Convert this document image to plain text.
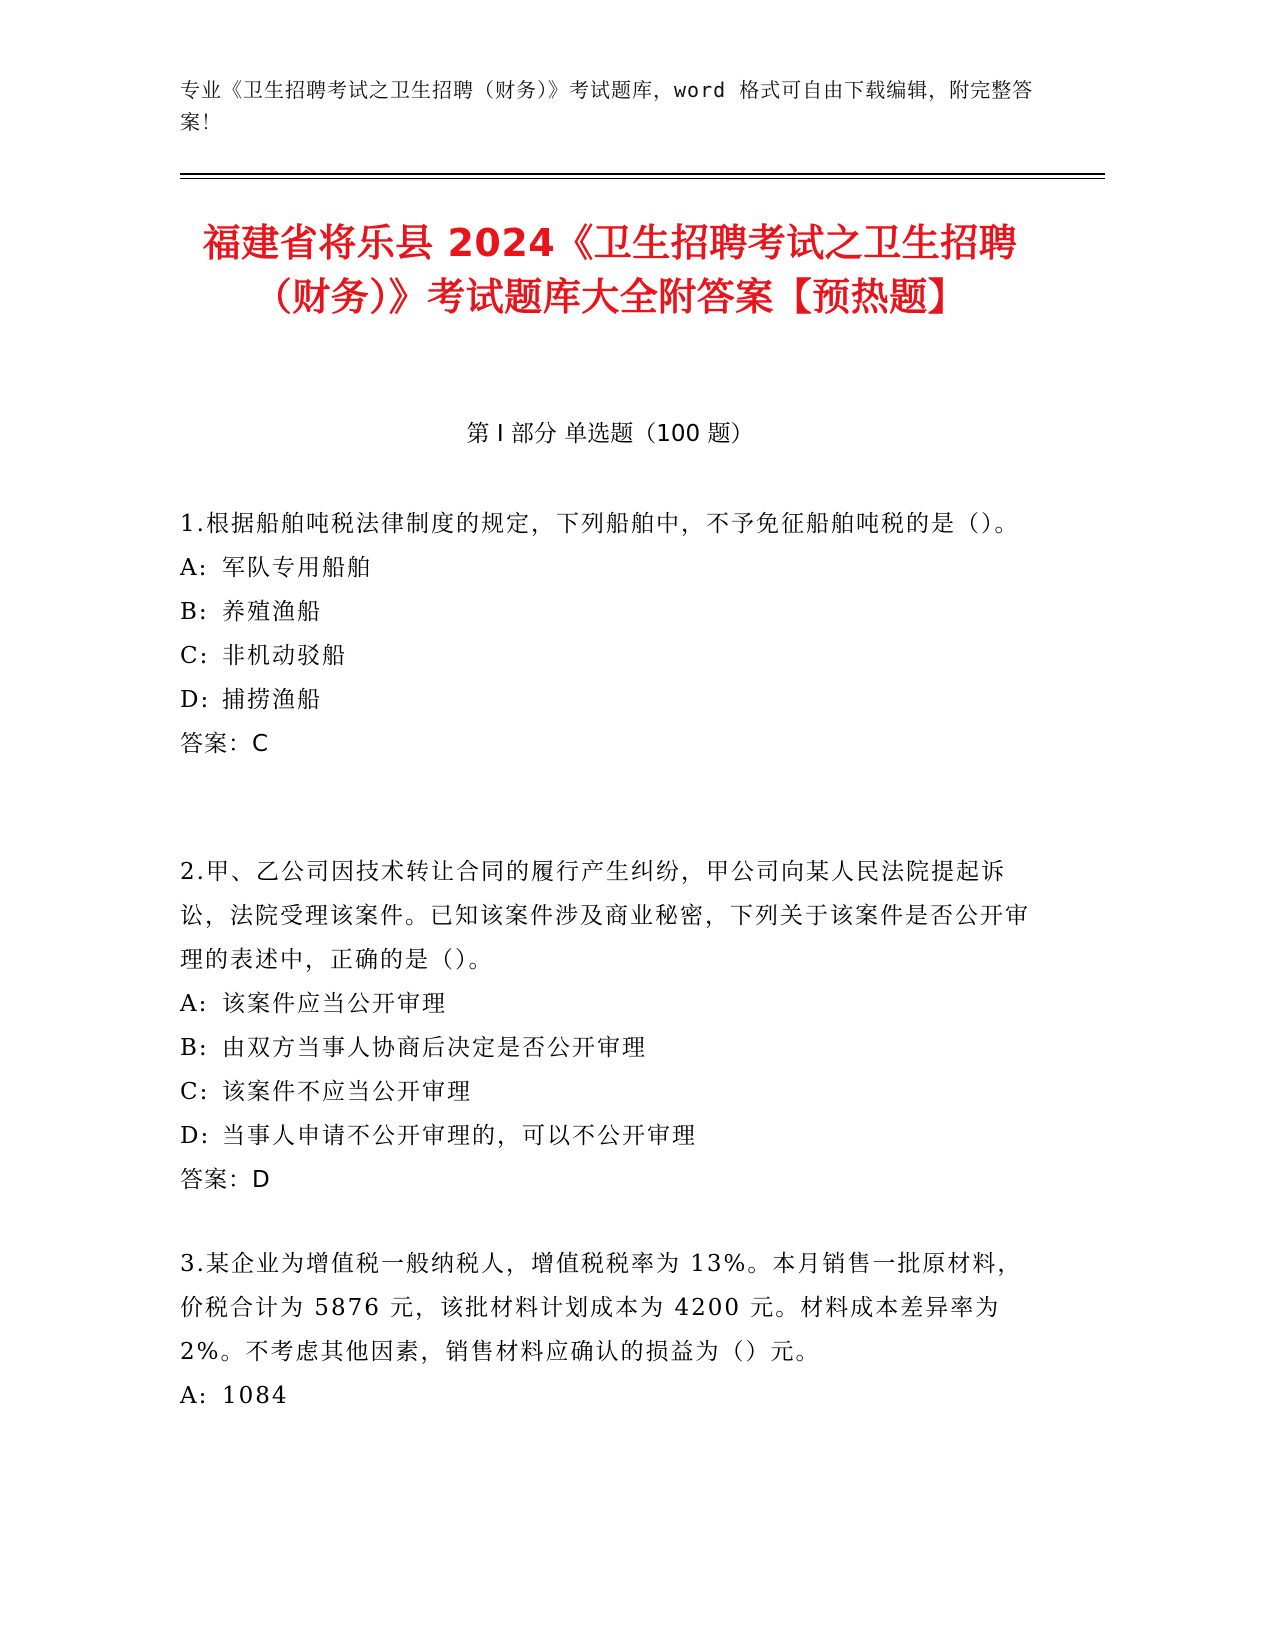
专业《卫生招聘考试之卫生招聘（财务）》考试题库，word 格式可自由下载编辑，附完整答案！
福建省将乐县 2024《卫生招聘考试之卫生招聘（财务）》考试题库大全附答案【预热题】
第 I 部分 单选题（100 题）

1.根据船舶吨税法律制度的规定，下列船舶中，不予免征船舶吨税的是（）。

A: 军队专用船舶
B: 养殖渔船
C: 非机动驳船
D: 捕捞渔船
答案：C

2.甲、乙公司因技术转让合同的履行产生纠纷，甲公司向某人民法院提起诉讼，法院受理该案件。已知该案件涉及商业秘密，下列关于该案件是否公开审理的表述中，正确的是（）。

A: 该案件应当公开审理
B: 由双方当事人协商后决定是否公开审理
C: 该案件不应当公开审理
D: 当事人申请不公开审理的，可以不公开审理
答案：D

3.某企业为增值税一般纳税人，增值税税率为 13%。本月销售一批原材料，价税合计为 5876 元，该批材料计划成本为 4200 元。材料成本差异率为 2%。不考虑其他因素，销售材料应确认的损益为（）元。

A: 1084
